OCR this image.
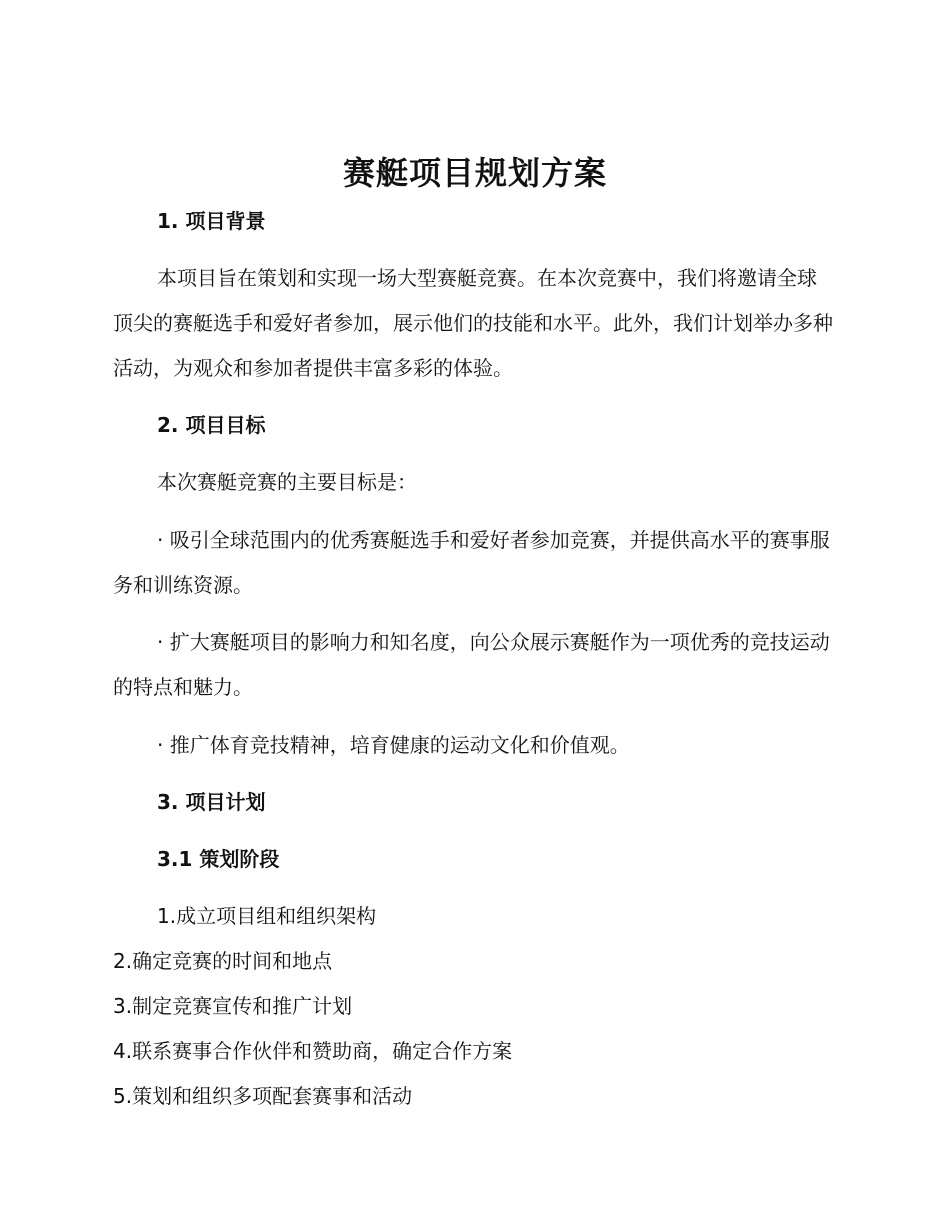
赛艇项目规划方案
1. 项目背景

本项目旨在策划和实现一场大型赛艇竞赛。在本次竞赛中，我们将邀请全球顶尖的赛艇选手和爱好者参加，展示他们的技能和水平。此外，我们计划举办多种活动，为观众和参加者提供丰富多彩的体验。

2. 项目目标

本次赛艇竞赛的主要目标是：

· 吸引全球范围内的优秀赛艇选手和爱好者参加竞赛，并提供高水平的赛事服务和训练资源。

· 扩大赛艇项目的影响力和知名度，向公众展示赛艇作为一项优秀的竞技运动的特点和魅力。

· 推广体育竞技精神，培育健康的运动文化和价值观。

3. 项目计划
3.1 策划阶段

1.成立项目组和组织架构

2.确定竞赛的时间和地点

3.制定竞赛宣传和推广计划

4.联系赛事合作伙伴和赞助商，确定合作方案

5.策划和组织多项配套赛事和活动
